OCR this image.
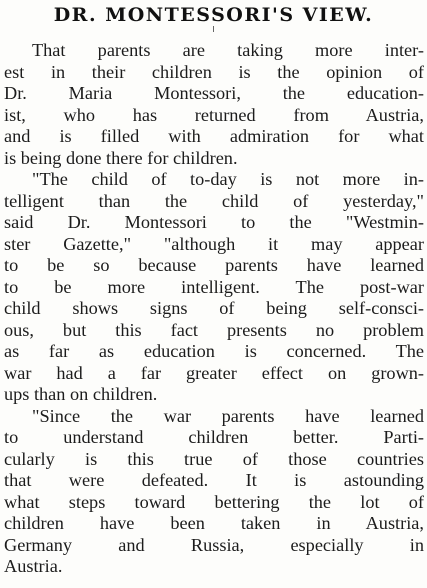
DR. MONTESSORI'S VIEW.
That parents are taking more inter-
est in their children is the opinion of
Dr. Maria Montessori, the education-
ist, who has returned from Austria,
and is filled with admiration for what
is being done there for children.
"The child of to-day is not more in-
telligent than the child of yesterday,"
said Dr. Montessori to the "Westmin-
ster Gazette," "although it may appear
to be so because parents have learned
to be more intelligent. The post-war
child shows signs of being self-consci-
ous, but this fact presents no problem
as far as education is concerned. The
war had a far greater effect on grown-
ups than on children.
"Since the war parents have learned
to understand children better. Parti-
cularly is this true of those countries
that were defeated. It is astounding
what steps toward bettering the lot of
children have been taken in Austria,
Germany and Russia, especially in
Austria.
